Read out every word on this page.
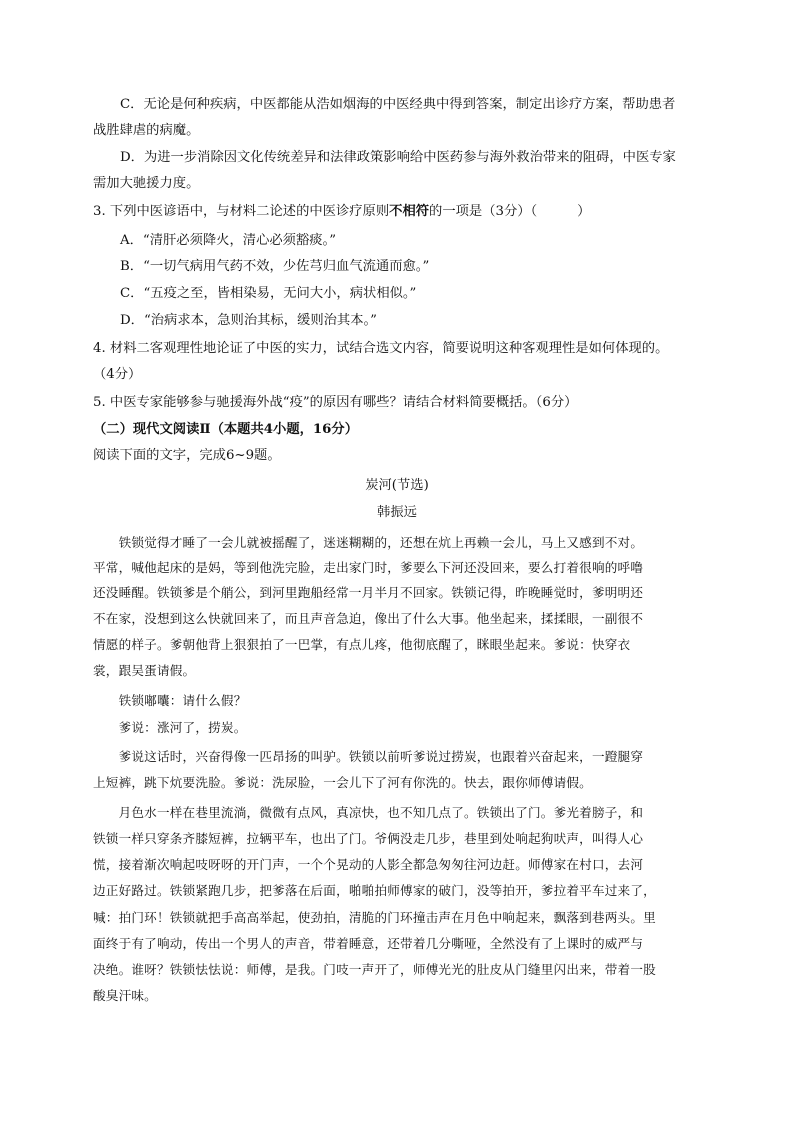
C．无论是何种疾病，中医都能从浩如烟海的中医经典中得到答案，制定出诊疗方案，帮助患者
战胜肆虐的病魔。
D．为进一步消除因文化传统差异和法律政策影响给中医药参与海外救治带来的阻碍，中医专家
需加大驰援力度。
3. 下列中医谚语中，与材料二论述的中医诊疗原则不相符的一项是（3分）（　　　）
A．“清肝必须降火，清心必须豁痰。”
B．“一切气病用气药不效，少佐芎归血气流通而愈。”
C．“五疫之至，皆相染易，无问大小，病状相似。”
D．“治病求本，急则治其标，缓则治其本。”
4. 材料二客观理性地论证了中医的实力，试结合选文内容，简要说明这种客观理性是如何体现的。
（4分）
5. 中医专家能够参与驰援海外战“疫”的原因有哪些？请结合材料简要概括。（6分）
（二）现代文阅读Ⅱ（本题共4小题，16分）
阅读下面的文字，完成6~9题。
炭河(节选)
韩振远
　　铁锁觉得才睡了一会儿就被摇醒了，迷迷糊糊的，还想在炕上再赖一会儿，马上又感到不对。
平常，喊他起床的是妈，等到他洗完脸，走出家门时，爹要么下河还没回来，要么打着很响的呼噜
还没睡醒。铁锁爹是个艄公，到河里跑船经常一月半月不回家。铁锁记得，昨晚睡觉时，爹明明还
不在家，没想到这么快就回来了，而且声音急迫，像出了什么大事。他坐起来，揉揉眼，一副很不
情愿的样子。爹朝他背上狠狠拍了一巴掌，有点儿疼，他彻底醒了，眯眼坐起来。爹说：快穿衣
裳，跟吴蛋请假。
　　铁锁嘟囔：请什么假？
　　爹说：涨河了，捞炭。
　　爹说这话时，兴奋得像一匹昂扬的叫驴。铁锁以前听爹说过捞炭，也跟着兴奋起来，一蹬腿穿
上短裤，跳下炕要洗脸。爹说：洗尿脸，一会儿下了河有你洗的。快去，跟你师傅请假。
　　月色水一样在巷里流淌，微微有点风，真凉快，也不知几点了。铁锁出了门。爹光着膀子，和
铁锁一样只穿条齐膝短裤，拉辆平车，也出了门。爷俩没走几步，巷里到处响起狗吠声，叫得人心
慌，接着渐次响起吱呀呀的开门声，一个个晃动的人影全都急匆匆往河边赶。师傅家在村口，去河
边正好路过。铁锁紧跑几步，把爹落在后面，啪啪拍师傅家的破门，没等拍开，爹拉着平车过来了，
喊：拍门环！铁锁就把手高高举起，使劲拍，清脆的门环撞击声在月色中响起来，飘落到巷两头。里
面终于有了响动，传出一个男人的声音，带着睡意，还带着几分嘶哑，全然没有了上课时的威严与
决绝。谁呀？铁锁怯怯说：师傅，是我。门吱一声开了，师傅光光的肚皮从门缝里闪出来，带着一股
酸臭汗味。
